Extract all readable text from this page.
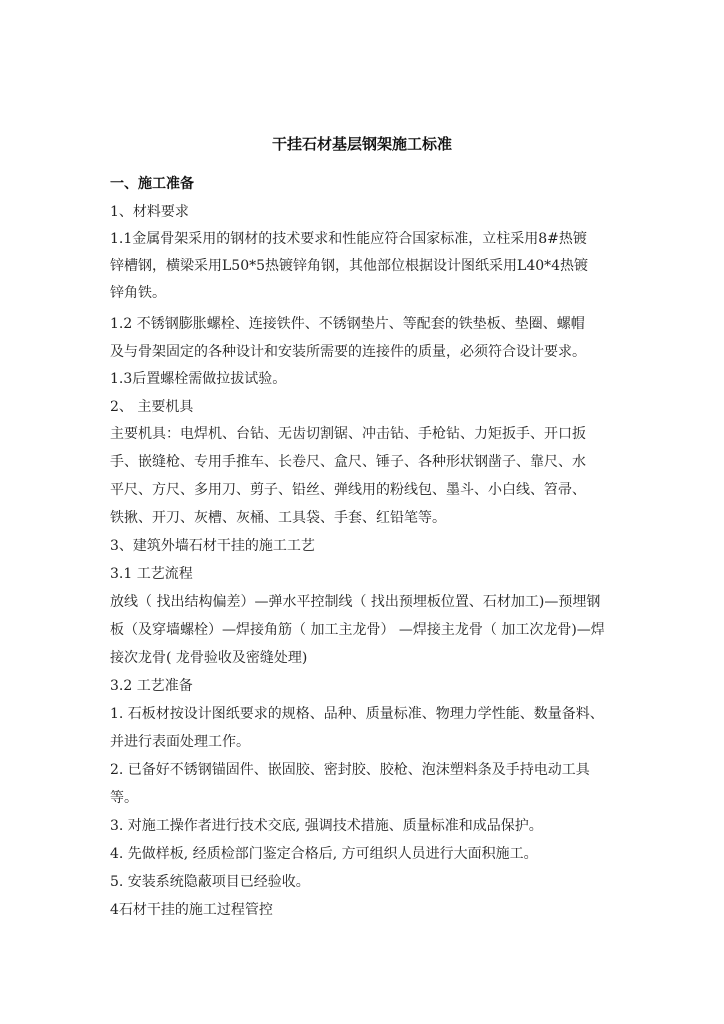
干挂石材基层钢架施工标准
一、施工准备
1、材料要求
1.1金属骨架采用的钢材的技术要求和性能应符合国家标准，立柱采用8#热镀
锌槽钢，横梁采用L50*5热镀锌角钢，其他部位根据设计图纸采用L40*4热镀
锌角铁。
1.2 不锈钢膨胀螺栓、连接铁件、不锈钢垫片、等配套的铁垫板、垫圈、螺帽
及与骨架固定的各种设计和安装所需要的连接件的质量，必须符合设计要求。
1.3后置螺栓需做拉拔试验。
2、 主要机具
主要机具：电焊机、台钻、无齿切割锯、冲击钻、手枪钻、力矩扳手、开口扳
手、嵌缝枪、专用手推车、长卷尺、盒尺、锤子、各种形状钢凿子、靠尺、水
平尺、方尺、多用刀、剪子、铅丝、弹线用的粉线包、墨斗、小白线、笤帚、
铁揪、开刀、灰槽、灰桶、工具袋、手套、红铅笔等。
3、建筑外墙石材干挂的施工工艺
3.1 工艺流程
放线（ 找出结构偏差）—弹水平控制线（ 找出预埋板位置、石材加工)—预埋钢
板（及穿墙螺栓）—焊接角筋（ 加工主龙骨） —焊接主龙骨（ 加工次龙骨)—焊
接次龙骨( 龙骨验收及密缝处理)
3.2 工艺准备
1. 石板材按设计图纸要求的规格、品种、质量标准、物理力学性能、数量备料、
并进行表面处理工作。
2. 已备好不锈钢锚固件、嵌固胶、密封胶、胶枪、泡沫塑料条及手持电动工具
等。
3. 对施工操作者进行技术交底, 强调技术措施、质量标准和成品保护。
4. 先做样板, 经质检部门鉴定合格后, 方可组织人员进行大面积施工。
5. 安装系统隐蔽项目已经验收。
4石材干挂的施工过程管控
